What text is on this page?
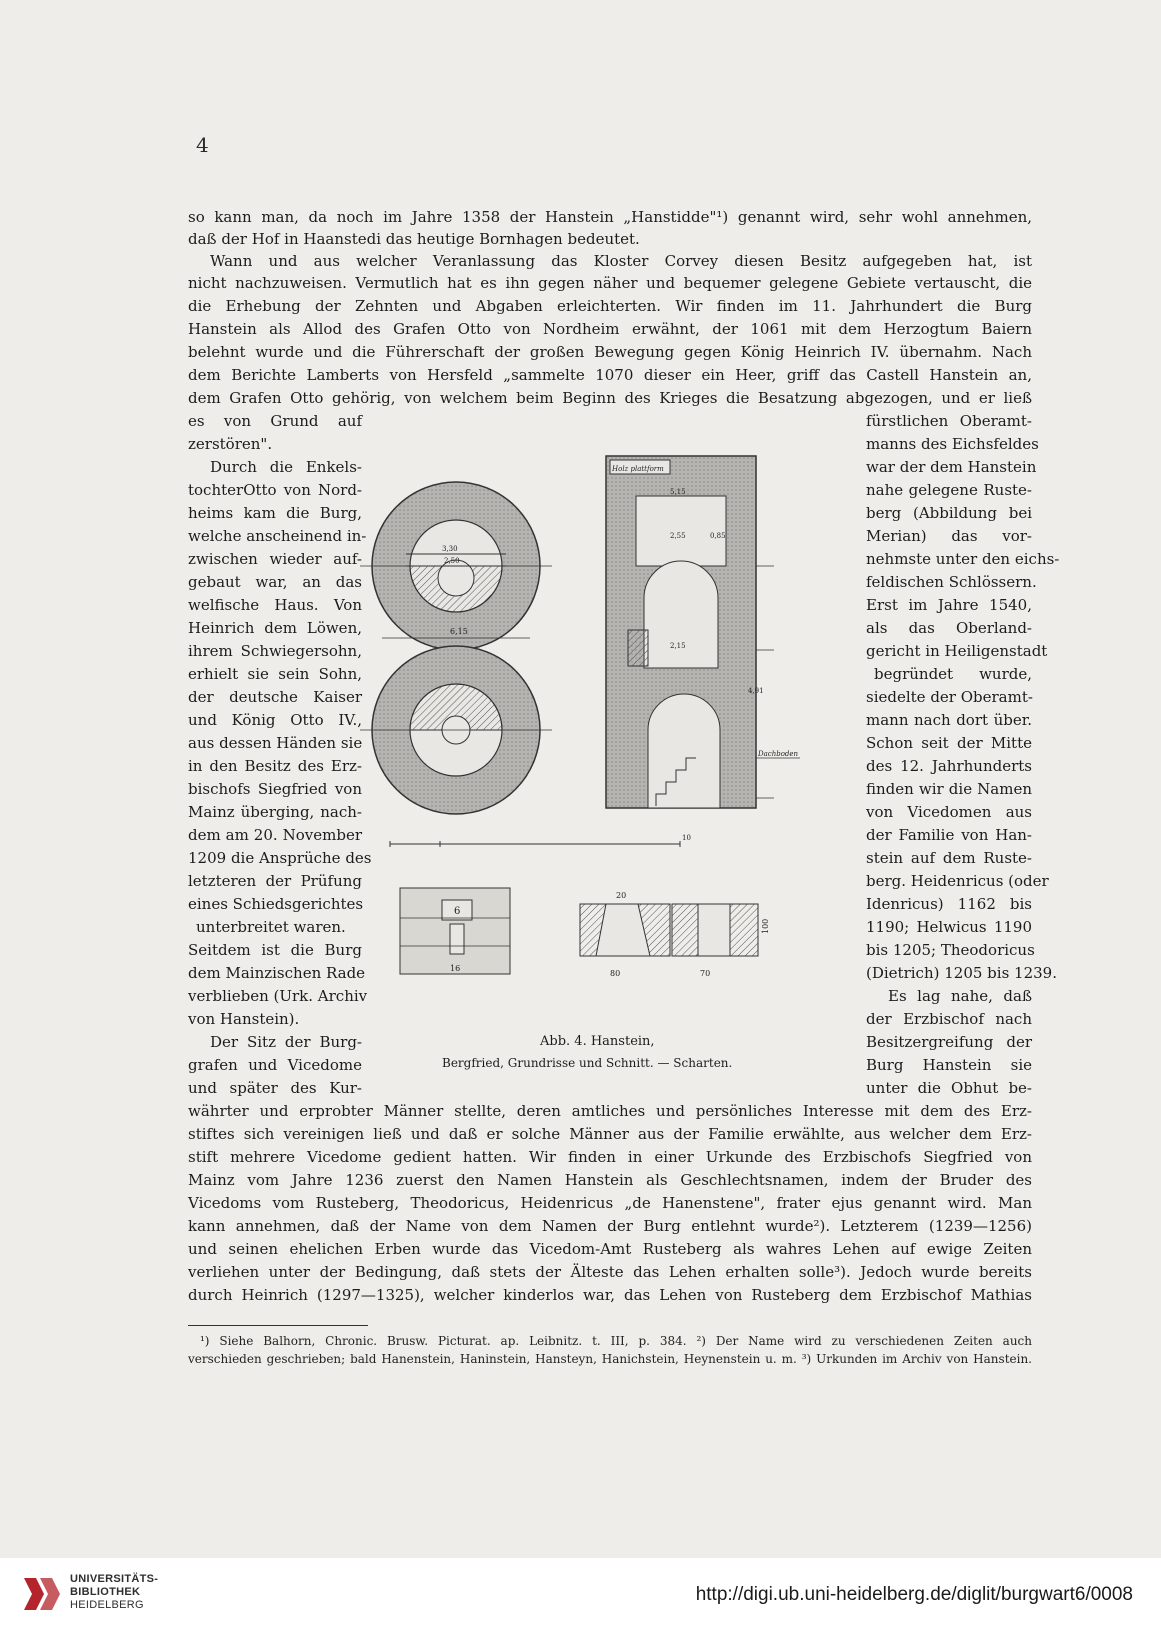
4
so kann man, da noch im Jahre 1358 der Hanstein „Hanstidde"¹) genannt wird, sehr wohl annehmen,
daß der Hof in Haanstedi das heutige Bornhagen bedeutet.
Wann und aus welcher Veranlassung das Kloster Corvey diesen Besitz aufgegeben hat, ist
nicht nachzuweisen. Vermutlich hat es ihn gegen näher und bequemer gelegene Gebiete vertauscht, die
die Erhebung der Zehnten und Abgaben erleichterten. Wir finden im 11. Jahrhundert die Burg
Hanstein als Allod des Grafen Otto von Nordheim erwähnt, der 1061 mit dem Herzogtum Baiern
belehnt wurde und die Führerschaft der großen Bewegung gegen König Heinrich IV. übernahm. Nach
dem Berichte Lamberts von Hersfeld „sammelte 1070 dieser ein Heer, griff das Castell Hanstein an,
dem Grafen Otto gehörig, von welchem beim Beginn des Krieges die Besatzung abgezogen, und er ließ
es von Grund auf
zerstören".
Durch die Enkels-
tochterOtto von Nord-
heims kam die Burg,
welche anscheinend in-
zwischen wieder auf-
gebaut war, an das
welfische Haus. Von
Heinrich dem Löwen,
ihrem Schwiegersohn,
erhielt sie sein Sohn,
der deutsche Kaiser
und König Otto IV.,
aus dessen Händen sie
in den Besitz des Erz-
bischofs Siegfried von
Mainz überging, nach-
dem am 20. November
1209 die Ansprüche des
letzteren der Prüfung
eines Schiedsgerichtes
unterbreitet waren.
Seitdem ist die Burg
dem Mainzischen Rade
verblieben (Urk. Archiv
von Hanstein).
Der Sitz der Burg-
grafen und Vicedome
und später des Kur-
fürstlichen Oberamt-
manns des Eichsfeldes
war der dem Hanstein
nahe gelegene Ruste-
berg (Abbildung bei
Merian) das vor-
nehmste unter den eichs-
feldischen Schlössern.
Erst im Jahre 1540,
als das Oberland-
gericht in Heiligenstadt
begründet wurde,
siedelte der Oberamt-
mann nach dort über.
Schon seit der Mitte
des 12. Jahrhunderts
finden wir die Namen
von Vicedomen aus
der Familie von Han-
stein auf dem Ruste-
berg. Heidenricus (oder
Idenricus) 1162 bis
1190; Helwicus 1190
bis 1205; Theodoricus
(Dietrich) 1205 bis 1239.
Es lag nahe, daß
der Erzbischof nach
Besitzergreifung der
Burg Hanstein sie
unter die Obhut be-
3,30
2,50
6,15
10
Holz plattform
5,15
2,55	0,85
2,15
4,91
Dachboden
6
16
20
80	70
100
Abb. 4. Hanstein,
Bergfried, Grundrisse und Schnitt. — Scharten.
währter und erprobter Männer stellte, deren amtliches und persönliches Interesse mit dem des Erz-
stiftes sich vereinigen ließ und daß er solche Männer aus der Familie erwählte, aus welcher dem Erz-
stift mehrere Vicedome gedient hatten. Wir finden in einer Urkunde des Erzbischofs Siegfried von
Mainz vom Jahre 1236 zuerst den Namen Hanstein als Geschlechtsnamen, indem der Bruder des
Vicedoms vom Rusteberg, Theodoricus, Heidenricus „de Hanenstene", frater ejus genannt wird. Man
kann annehmen, daß der Name von dem Namen der Burg entlehnt wurde²). Letzterem (1239—1256)
und seinen ehelichen Erben wurde das Vicedom-Amt Rusteberg als wahres Lehen auf ewige Zeiten
verliehen unter der Bedingung, daß stets der Älteste das Lehen erhalten solle³). Jedoch wurde bereits
durch Heinrich (1297—1325), welcher kinderlos war, das Lehen von Rusteberg dem Erzbischof Mathias
¹) Siehe Balhorn, Chronic. Brusw. Picturat. ap. Leibnitz. t. III, p. 384. ²) Der Name wird zu verschiedenen Zeiten auch
verschieden geschrieben; bald Hanenstein, Haninstein, Hansteyn, Hanichstein, Heynenstein u. m. ³) Urkunden im Archiv von Hanstein.
UNIVERSITÄTS-
BIBLIOTHEK
HEIDELBERG	http://digi.ub.uni-heidelberg.de/diglit/burgwart6/0008
